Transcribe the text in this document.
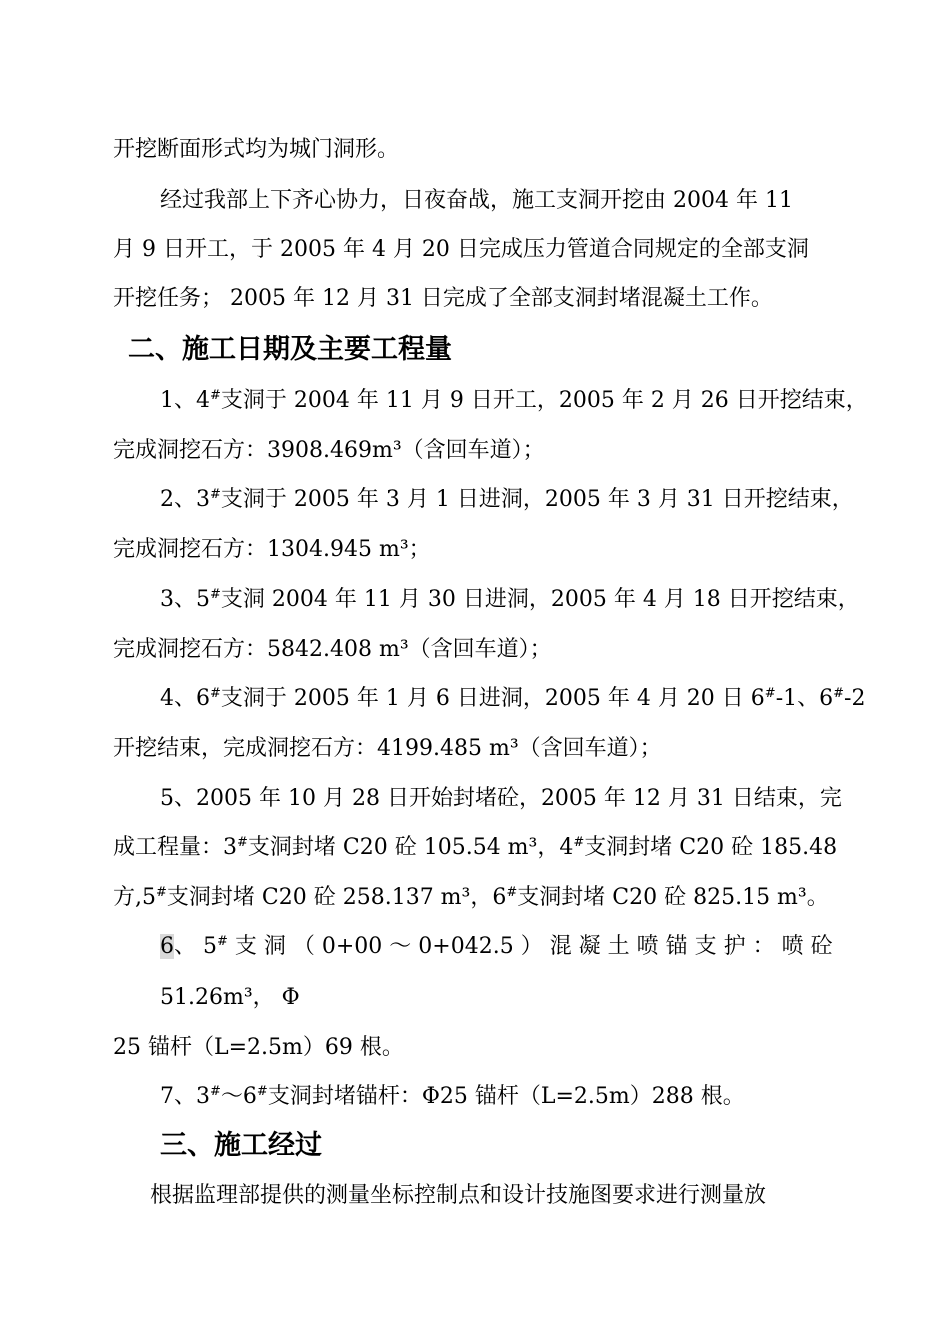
开挖断面形式均为城门洞形。
经过我部上下齐心协力，日夜奋战，施工支洞开挖由 2004 年 11
月 9 日开工，于 2005 年 4 月 20 日完成压力管道合同规定的全部支洞
开挖任务； 2005 年 12 月 31 日完成了全部支洞封堵混凝土工作。
二、施工日期及主要工程量
1、4#支洞于 2004 年 11 月 9 日开工，2005 年 2 月 26 日开挖结束，
完成洞挖石方：3908.469m³（含回车道）；
2、3#支洞于 2005 年 3 月 1 日进洞，2005 年 3 月 31 日开挖结束，
完成洞挖石方：1304.945 m³；
3、5#支洞 2004 年 11 月 30 日进洞，2005 年 4 月 18 日开挖结束，
完成洞挖石方：5842.408 m³（含回车道）；
4、6#支洞于 2005 年 1 月 6 日进洞，2005 年 4 月 20 日 6#-1、6#-2
开挖结束，完成洞挖石方：4199.485 m³（含回车道）；
5、2005 年 10 月 28 日开始封堵砼，2005 年 12 月 31 日结束，完
成工程量：3#支洞封堵 C20 砼 105.54 m³，4#支洞封堵 C20 砼 185.48
方,5#支洞封堵 C20 砼 258.137 m³，6#支洞封堵 C20 砼 825.15 m³。
6、 5# 支 洞 （ 0+00 ～ 0+042.5 ） 混 凝 土 喷 锚 支 护 ： 喷 砼
51.26m³， Φ
25 锚杆（L=2.5m）69 根。
7、3#～6#支洞封堵锚杆：Φ25 锚杆（L=2.5m）288 根。
三、施工经过
根据监理部提供的测量坐标控制点和设计技施图要求进行测量放
